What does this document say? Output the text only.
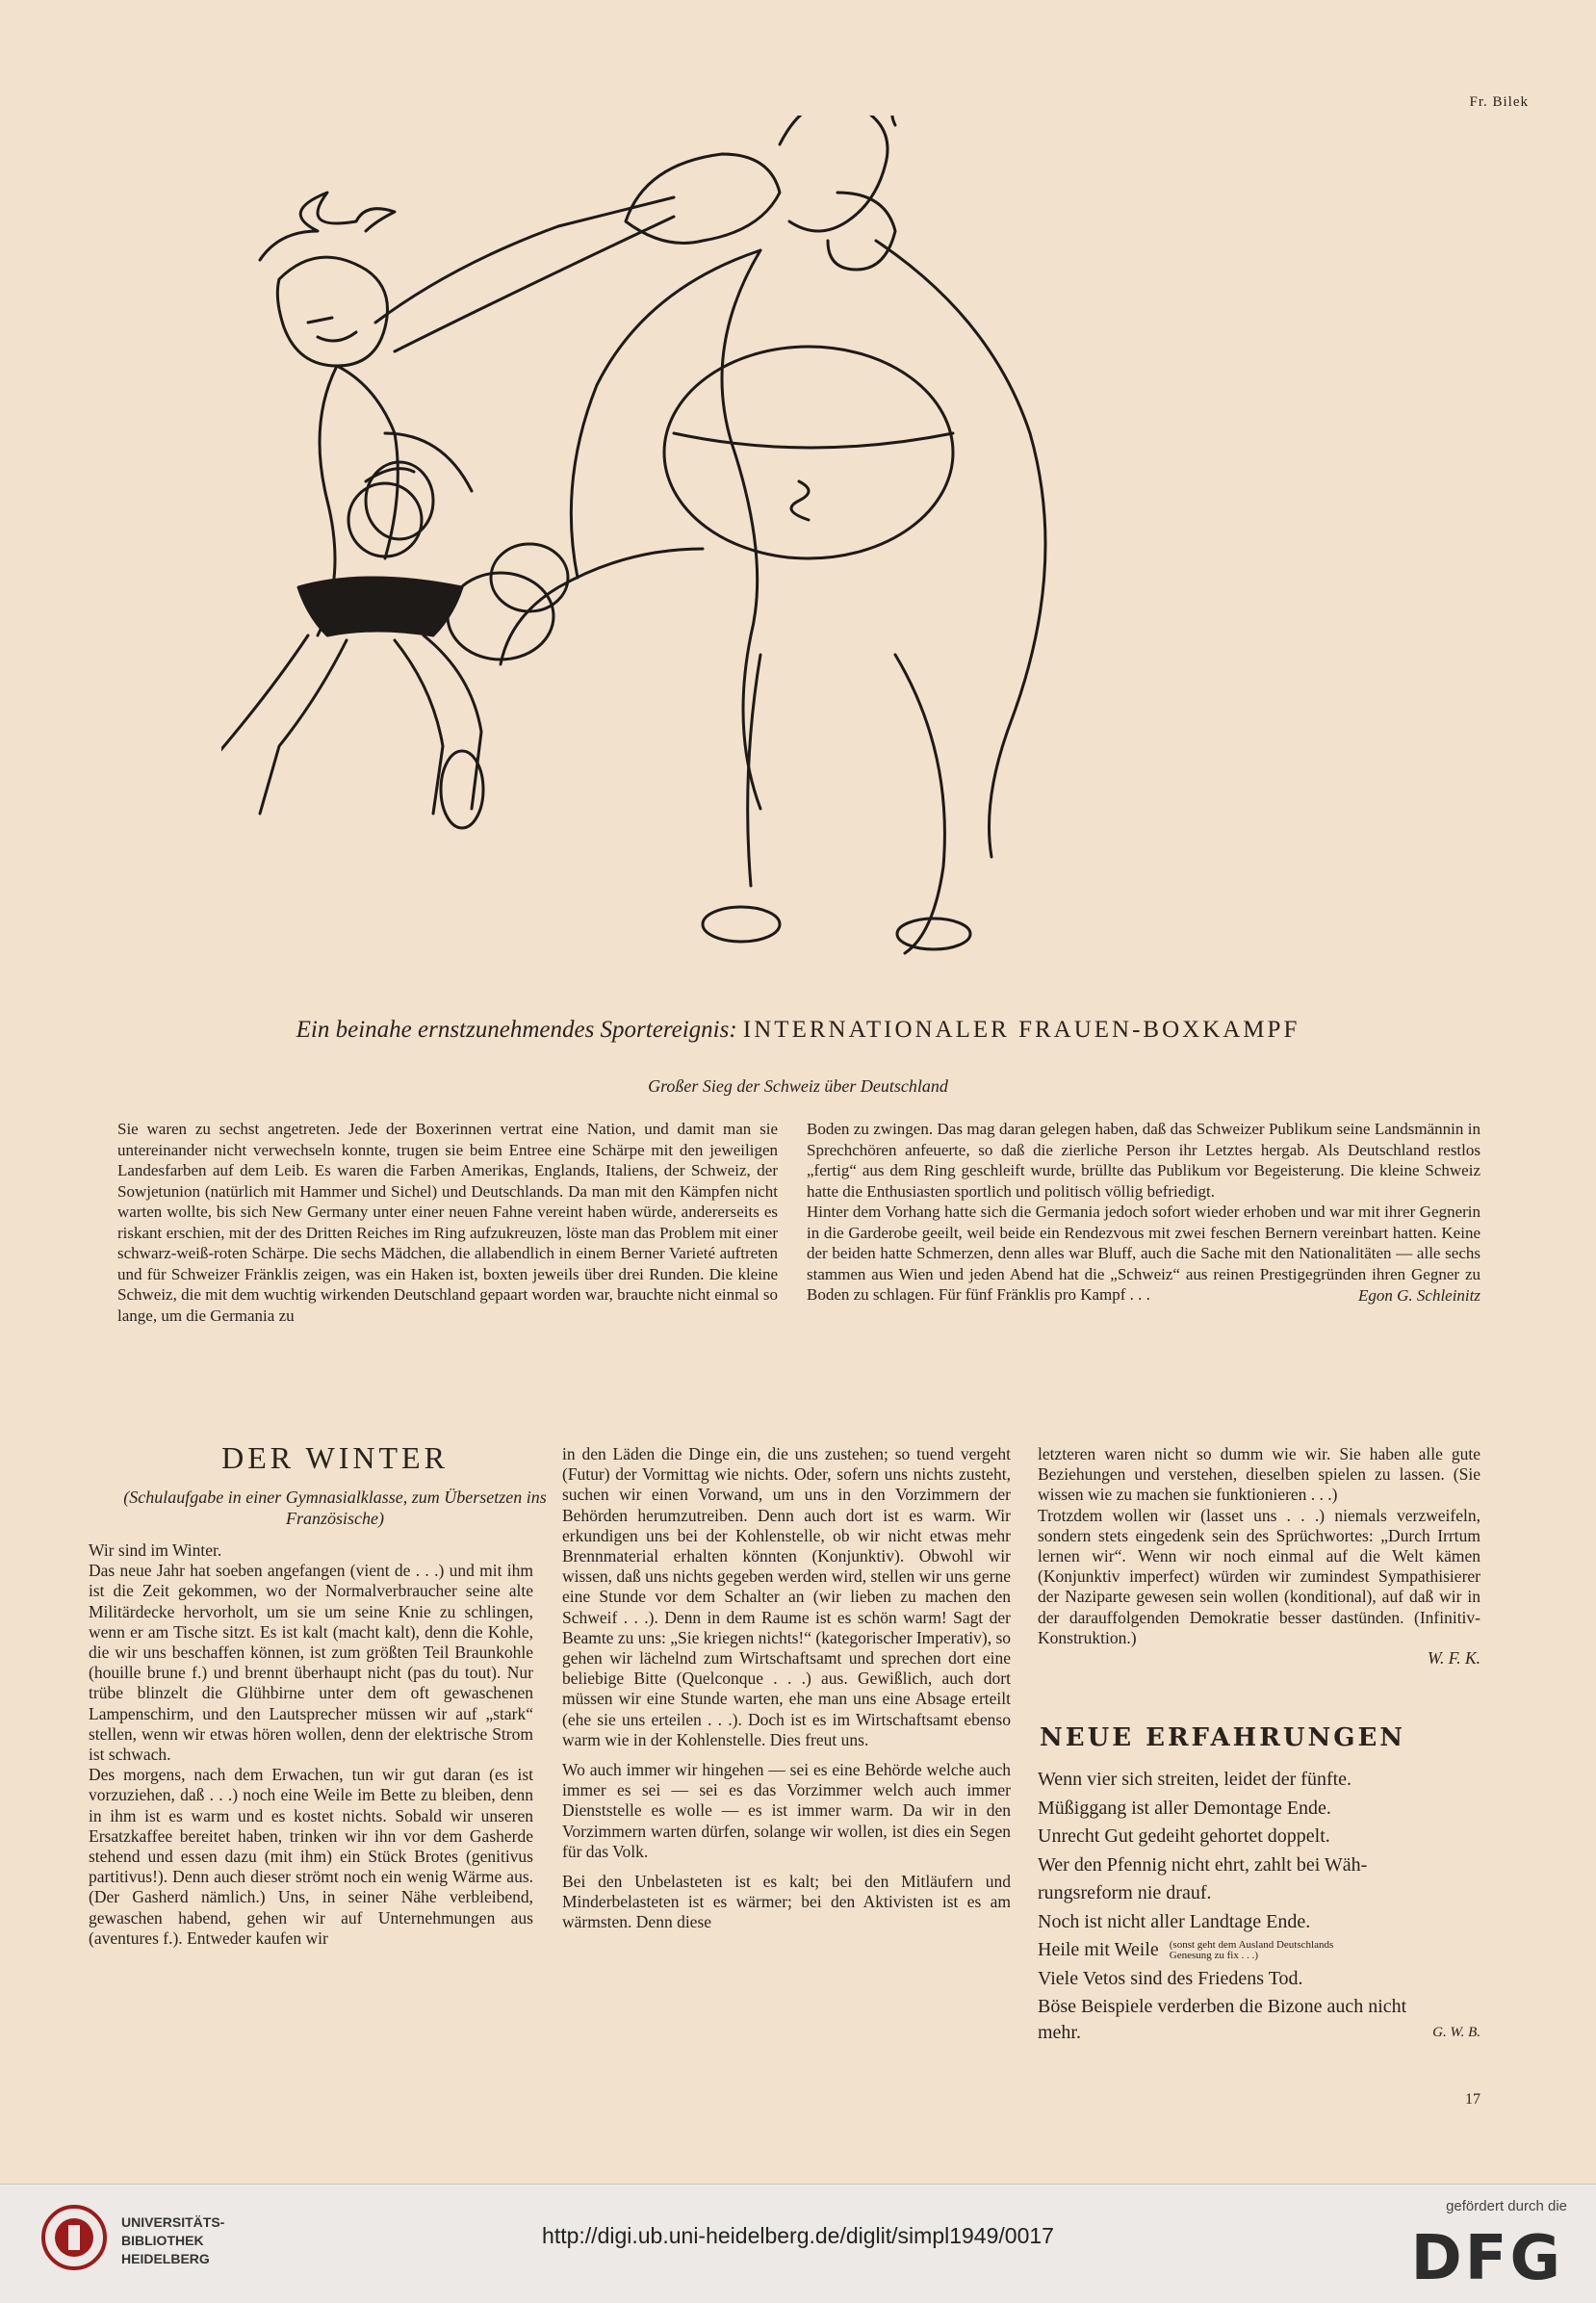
Fr. Bilek
Ein beinahe ernstzunehmendes Sportereignis: INTERNATIONALER FRAUEN-BOXKAMPF
Großer Sieg der Schweiz über Deutschland

Sie waren zu sechst angetreten. Jede der Boxerinnen vertrat eine Nation, und damit man sie untereinander nicht verwechseln konnte, trugen sie beim Entree eine Schärpe mit den jeweiligen Landesfarben auf dem Leib. Es waren die Farben Amerikas, Englands, Italiens, der Schweiz, der Sowjetunion (natürlich mit Hammer und Sichel) und Deutschlands. Da man mit den Kämpfen nicht warten wollte, bis sich New Germany unter einer neuen Fahne vereint haben würde, andererseits es riskant erschien, mit der des Dritten Reiches im Ring aufzukreuzen, löste man das Problem mit einer schwarz-weiß-roten Schärpe. Die sechs Mädchen, die allabendlich in einem Berner Varieté auftreten und für Schweizer Fränklis zeigen, was ein Haken ist, boxten jeweils über drei Runden. Die kleine Schweiz, die mit dem wuchtig wirkenden Deutschland gepaart worden war, brauchte nicht einmal so lange, um die Germania zu

Boden zu zwingen. Das mag daran gelegen haben, daß das Schweizer Publikum seine Landsmännin in Sprechchören anfeuerte, so daß die zierliche Person ihr Letztes hergab. Als Deutschland restlos „fertig“ aus dem Ring geschleift wurde, brüllte das Publikum vor Begeisterung. Die kleine Schweiz hatte die Enthusiasten sportlich und politisch völlig befriedigt.

Hinter dem Vorhang hatte sich die Germania jedoch sofort wieder erhoben und war mit ihrer Gegnerin in die Garderobe geeilt, weil beide ein Rendezvous mit zwei feschen Bernern vereinbart hatten. Keine der beiden hatte Schmerzen, denn alles war Bluff, auch die Sache mit den Nationalitäten — alle sechs stammen aus Wien und jeden Abend hat die „Schweiz“ aus reinen Prestigegründen ihren Gegner zu Boden zu schlagen. Für fünf Fränklis pro Kampf . . .	Egon G. Schleinitz
DER WINTER
(Schulaufgabe in einer Gymnasialklasse, zum Übersetzen ins Französische)

Wir sind im Winter.

Das neue Jahr hat soeben angefangen (vient de . . .) und mit ihm ist die Zeit gekommen, wo der Normalverbraucher seine alte Militärdecke hervorholt, um sie um seine Knie zu schlingen, wenn er am Tische sitzt. Es ist kalt (macht kalt), denn die Kohle, die wir uns beschaffen können, ist zum größten Teil Braunkohle (houille brune f.) und brennt überhaupt nicht (pas du tout). Nur trübe blinzelt die Glühbirne unter dem oft gewaschenen Lampenschirm, und den Lautsprecher müssen wir auf „stark“ stellen, wenn wir etwas hören wollen, denn der elektrische Strom ist schwach.

Des morgens, nach dem Erwachen, tun wir gut daran (es ist vorzuziehen, daß . . .) noch eine Weile im Bette zu bleiben, denn in ihm ist es warm und es kostet nichts. Sobald wir unseren Ersatzkaffee bereitet haben, trinken wir ihn vor dem Gasherde stehend und essen dazu (mit ihm) ein Stück Brotes (genitivus partitivus!). Denn auch dieser strömt noch ein wenig Wärme aus. (Der Gasherd nämlich.) Uns, in seiner Nähe verbleibend, gewaschen habend, gehen wir auf Unternehmungen aus (aventures f.). Entweder kaufen wir

in den Läden die Dinge ein, die uns zustehen; so tuend vergeht (Futur) der Vormittag wie nichts. Oder, sofern uns nichts zusteht, suchen wir einen Vorwand, um uns in den Vorzimmern der Behörden herumzutreiben. Denn auch dort ist es warm. Wir erkundigen uns bei der Kohlenstelle, ob wir nicht etwas mehr Brennmaterial erhalten könnten (Konjunktiv). Obwohl wir wissen, daß uns nichts gegeben werden wird, stellen wir uns gerne eine Stunde vor dem Schalter an (wir lieben zu machen den Schweif . . .). Denn in dem Raume ist es schön warm! Sagt der Beamte zu uns: „Sie kriegen nichts!“ (kategorischer Imperativ), so gehen wir lächelnd zum Wirtschaftsamt und sprechen dort eine beliebige Bitte (Quelconque . . .) aus. Gewißlich, auch dort müssen wir eine Stunde warten, ehe man uns eine Absage erteilt (ehe sie uns erteilen . . .). Doch ist es im Wirtschaftsamt ebenso warm wie in der Kohlenstelle. Dies freut uns.

Wo auch immer wir hingehen — sei es eine Behörde welche auch immer es sei — sei es das Vorzimmer welch auch immer Dienststelle es wolle — es ist immer warm. Da wir in den Vorzimmern warten dürfen, solange wir wollen, ist dies ein Segen für das Volk.

Bei den Unbelasteten ist es kalt; bei den Mitläufern und Minderbelasteten ist es wärmer; bei den Aktivisten ist es am wärmsten. Denn diese

letzteren waren nicht so dumm wie wir. Sie haben alle gute Beziehungen und verstehen, dieselben spielen zu lassen. (Sie wissen wie zu machen sie funktionieren . . .)

Trotzdem wollen wir (lasset uns . . .) niemals verzweifeln, sondern stets eingedenk sein des Sprüchwortes: „Durch Irrtum lernen wir“. Wenn wir noch einmal auf die Welt kämen (Konjunktiv imperfect) würden wir zumindest Sympathisierer der Naziparte gewesen sein wollen (konditional), auf daß wir in der darauffolgenden Demokratie besser dastünden. (Infinitiv-Konstruktion.)

W. F. K.
NEUE ERFAHRUNGEN
Wenn vier sich streiten, leidet der fünfte.
Müßiggang ist aller Demontage Ende.
Unrecht Gut gedeiht gehortet doppelt.
Wer den Pfennig nicht ehrt, zahlt bei Wäh-
rungsreform nie drauf.
Noch ist nicht aller Landtage Ende.
Heile mit Weile (sonst geht dem Ausland Deutschlands
Genesung zu fix . . .)
Viele Vetos sind des Friedens Tod.
Böse Beispiele verderben die Bizone auch nicht
mehr.	G. W. B.
17
UNIVERSITÄTS-
BIBLIOTHEK
HEIDELBERG
http://digi.ub.uni-heidelberg.de/diglit/simpl1949/0017
gefördert durch die
DFG
